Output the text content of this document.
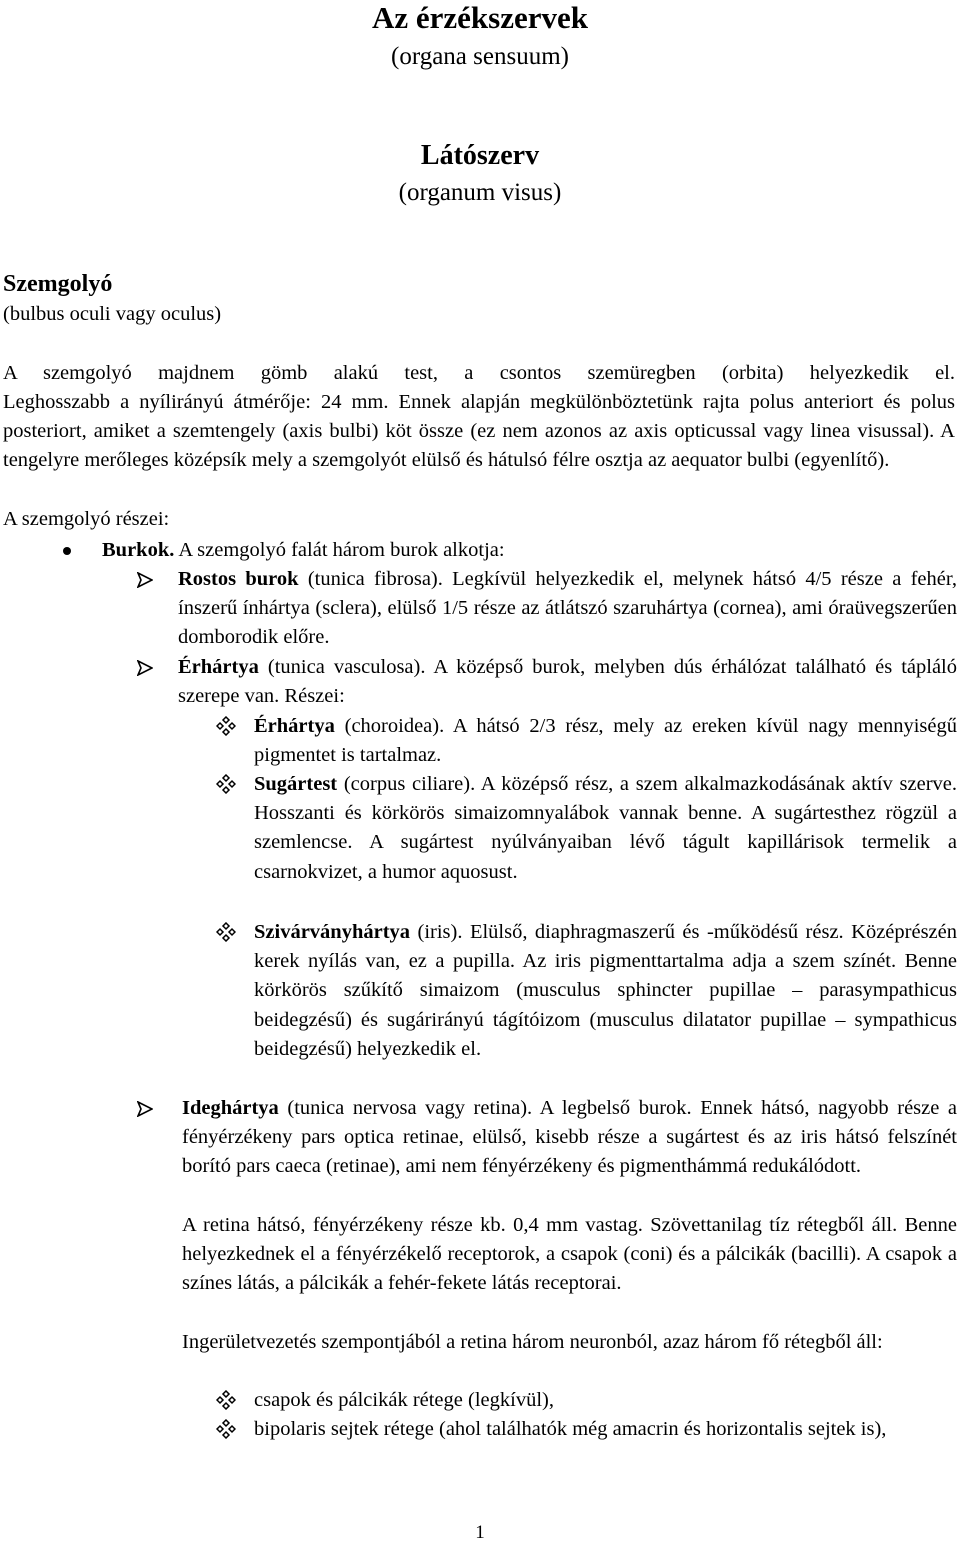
Az érzékszervek
(organa sensuum)
Látószerv
(organum visus)
Szemgolyó
(bulbus oculi vagy oculus)
A szemgolyó majdnem gömb alakú test, a csontos szemüregben (orbita) helyezkedik el.
Leghosszabb a nyílirányú átmérője: 24 mm. Ennek alapján megkülönböztetünk rajta polus anteriort és polus posteriort, amiket a szemtengely (axis bulbi) köt össze (ez nem azonos az axis opticussal vagy linea visussal). A tengelyre merőleges középsík mely a szemgolyót elülső és hátulsó félre osztja az aequator bulbi (egyenlítő).
A szemgolyó részei:
Burkok. A szemgolyó falát három burok alkotja:
Rostos burok (tunica fibrosa). Legkívül helyezkedik el, melynek hátsó 4/5 része a fehér, ínszerű ínhártya (sclera), elülső 1/5 része az átlátszó szaruhártya (cornea), ami óraüvegszerűen domborodik előre.
Érhártya (tunica vasculosa). A középső burok, melyben dús érhálózat található és tápláló szerepe van. Részei:
Érhártya (choroidea). A hátsó 2/3 rész, mely az ereken kívül nagy mennyiségű pigmentet is tartalmaz.
Sugártest (corpus ciliare). A középső rész, a szem alkalmazkodásának aktív szerve. Hosszanti és körkörös simaizomnyalábok vannak benne. A sugártesthez rögzül a szemlencse. A sugártest nyúlványaiban lévő tágult kapillárisok termelik a csarnokvizet, a humor aquosust.
Szivárványhártya (iris). Elülső, diaphragmaszerű és -működésű rész. Középrészén kerek nyílás van, ez a pupilla. Az iris pigmenttartalma adja a szem színét. Benne körkörös szűkítő simaizom (musculus sphincter pupillae – parasympathicus beidegzésű) és sugárirányú tágítóizom (musculus dilatator pupillae – sympathicus beidegzésű) helyezkedik el.
Ideghártya (tunica nervosa vagy retina). A legbelső burok. Ennek hátsó, nagyobb része a fényérzékeny pars optica retinae, elülső, kisebb része a sugártest és az iris hátsó felszínét borító pars caeca (retinae), ami nem fényérzékeny és pigmenthámmá redukálódott.
A retina hátsó, fényérzékeny része kb. 0,4 mm vastag. Szövettanilag tíz rétegből áll. Benne helyezkednek el a fényérzékelő receptorok, a csapok (coni) és a pálcikák (bacilli). A csapok a színes látás, a pálcikák a fehér-fekete látás receptorai.
Ingerületvezetés szempontjából a retina három neuronból, azaz három fő rétegből áll:
csapok és pálcikák rétege (legkívül),
bipolaris sejtek rétege (ahol találhatók még amacrin és horizontalis sejtek is),
1
